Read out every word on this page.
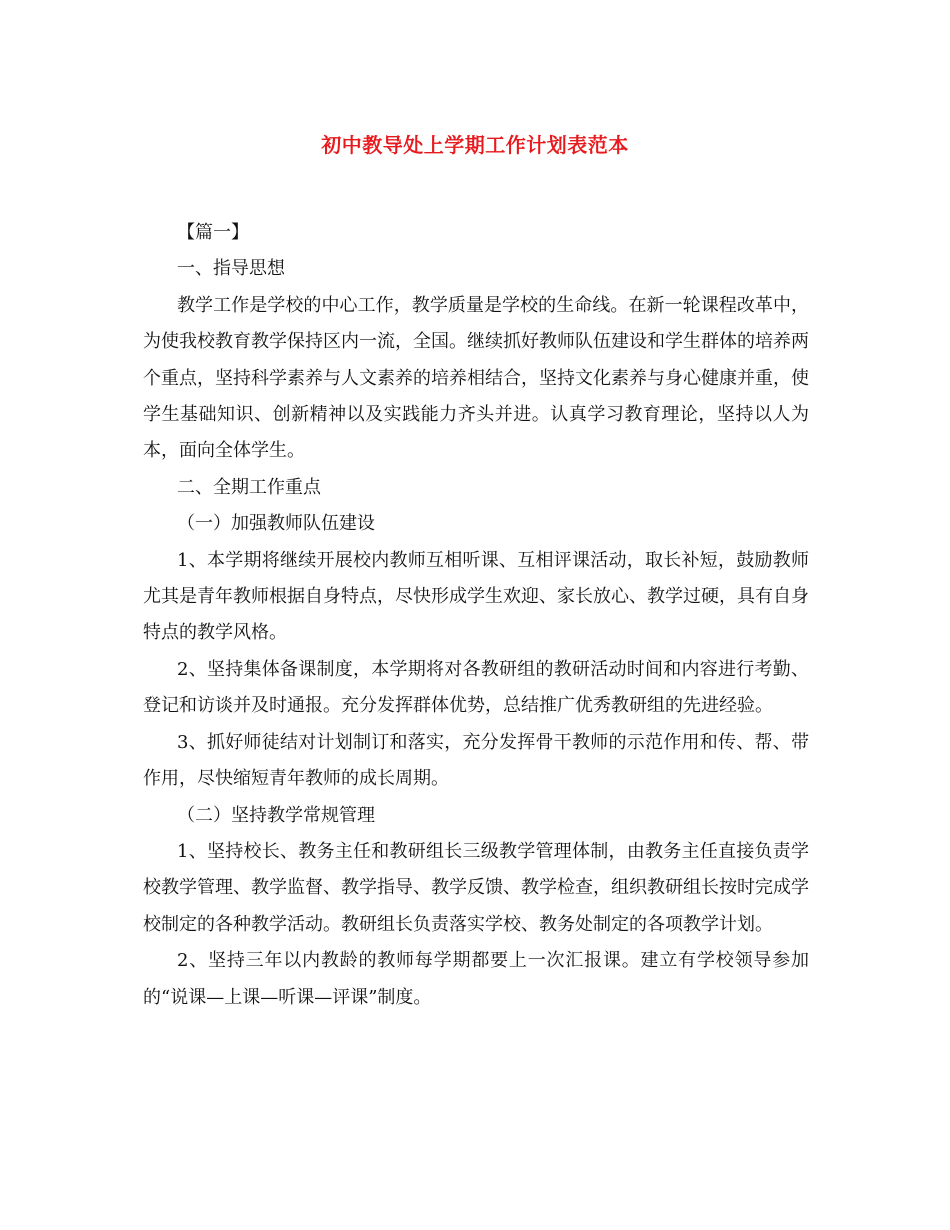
初中教导处上学期工作计划表范本

【篇一】

一、指导思想

教学工作是学校的中心工作，教学质量是学校的生命线。在新一轮课程改革中，为使我校教育教学保持区内一流，全国。继续抓好教师队伍建设和学生群体的培养两个重点，坚持科学素养与人文素养的培养相结合，坚持文化素养与身心健康并重，使学生基础知识、创新精神以及实践能力齐头并进。认真学习教育理论，坚持以人为本，面向全体学生。

二、全期工作重点

（一）加强教师队伍建设

1、本学期将继续开展校内教师互相听课、互相评课活动，取长补短，鼓励教师尤其是青年教师根据自身特点，尽快形成学生欢迎、家长放心、教学过硬，具有自身特点的教学风格。

2、坚持集体备课制度，本学期将对各教研组的教研活动时间和内容进行考勤、登记和访谈并及时通报。充分发挥群体优势，总结推广优秀教研组的先进经验。

3、抓好师徒结对计划制订和落实，充分发挥骨干教师的示范作用和传、帮、带作用，尽快缩短青年教师的成长周期。

（二）坚持教学常规管理

1、坚持校长、教务主任和教研组长三级教学管理体制，由教务主任直接负责学校教学管理、教学监督、教学指导、教学反馈、教学检查，组织教研组长按时完成学校制定的各种教学活动。教研组长负责落实学校、教务处制定的各项教学计划。

2、坚持三年以内教龄的教师每学期都要上一次汇报课。建立有学校领导参加的“说课—上课—听课—评课”制度。
